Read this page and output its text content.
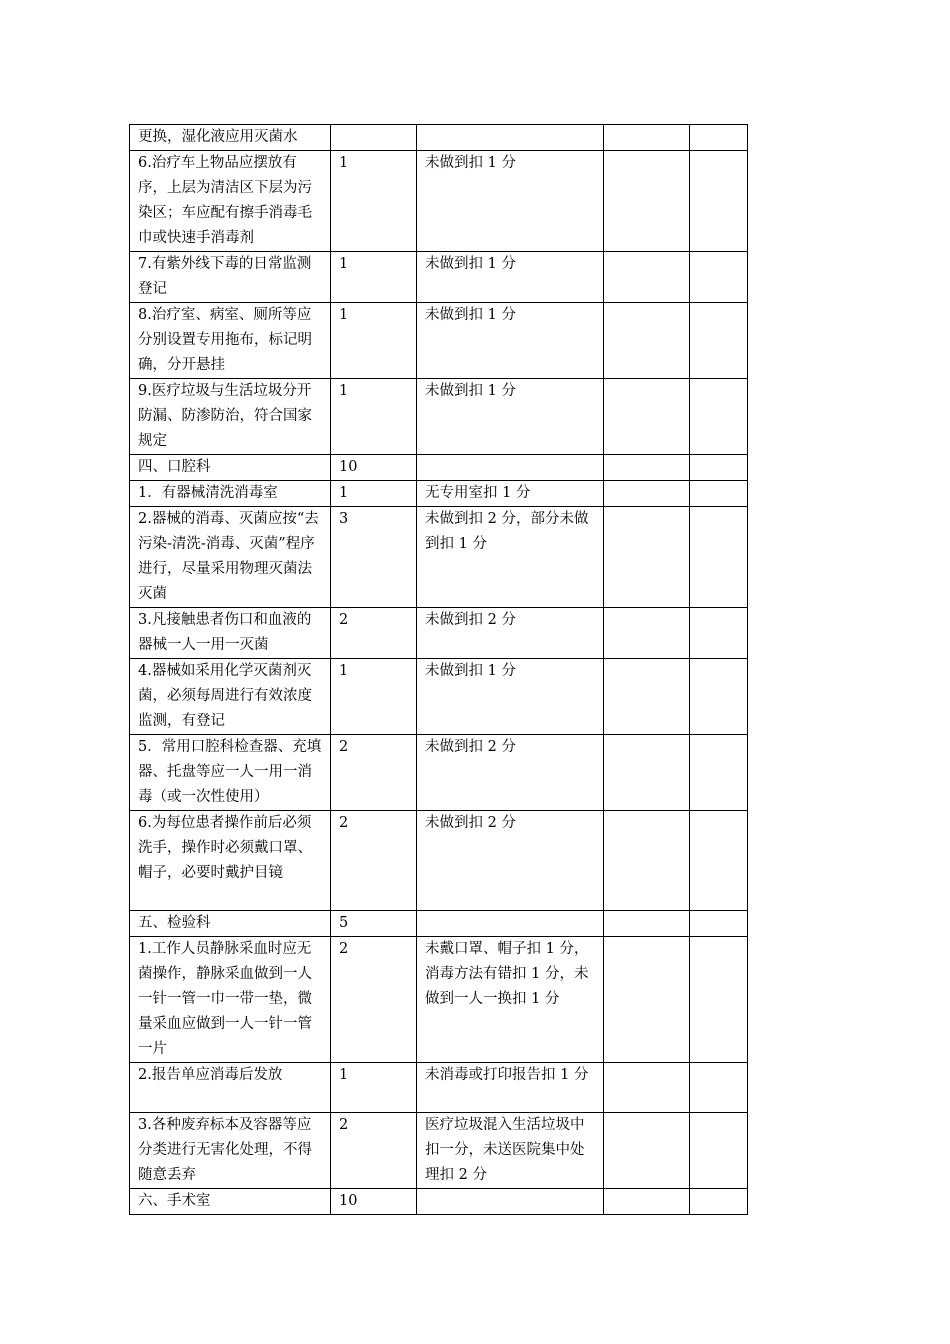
更换，湿化液应用灭菌水				
6.治疗车上物品应摆放有序，上层为清洁区下层为污染区；车应配有擦手消毒毛巾或快速手消毒剂	1	未做到扣 1 分		
7.有紫外线下毒的日常监测登记	1	未做到扣 1 分		
8.治疗室、病室、厕所等应分别设置专用拖布，标记明确，分开悬挂	1	未做到扣 1 分		
9.医疗垃圾与生活垃圾分开防漏、防渗防治，符合国家规定	1	未做到扣 1 分		
四、口腔科	10			
1．有器械清洗消毒室	1	无专用室扣 1 分		
2.器械的消毒、灭菌应按“去污染-清洗-消毒、灭菌”程序进行，尽量采用物理灭菌法灭菌	3	未做到扣 2 分，部分未做到扣 1 分		
3.凡接触患者伤口和血液的器械一人一用一灭菌	2	未做到扣 2 分		
4.器械如采用化学灭菌剂灭菌，必须每周进行有效浓度监测，有登记	1	未做到扣 1 分		
5．常用口腔科检查器、充填器、托盘等应一人一用一消毒（或一次性使用）	2	未做到扣 2 分		
6.为每位患者操作前后必须洗手，操作时必须戴口罩、帽子，必要时戴护目镜	2	未做到扣 2 分		
五、检验科	5			
1.工作人员静脉采血时应无菌操作，静脉采血做到一人一针一管一巾一带一垫，微量采血应做到一人一针一管一片	2	未戴口罩、帽子扣 1 分，消毒方法有错扣 1 分，未做到一人一换扣 1 分		
2.报告单应消毒后发放	1	未消毒或打印报告扣 1 分		
3.各种废弃标本及容器等应分类进行无害化处理，不得随意丢弃	2	医疗垃圾混入生活垃圾中扣一分，未送医院集中处理扣 2 分		
六、手术室	10			
